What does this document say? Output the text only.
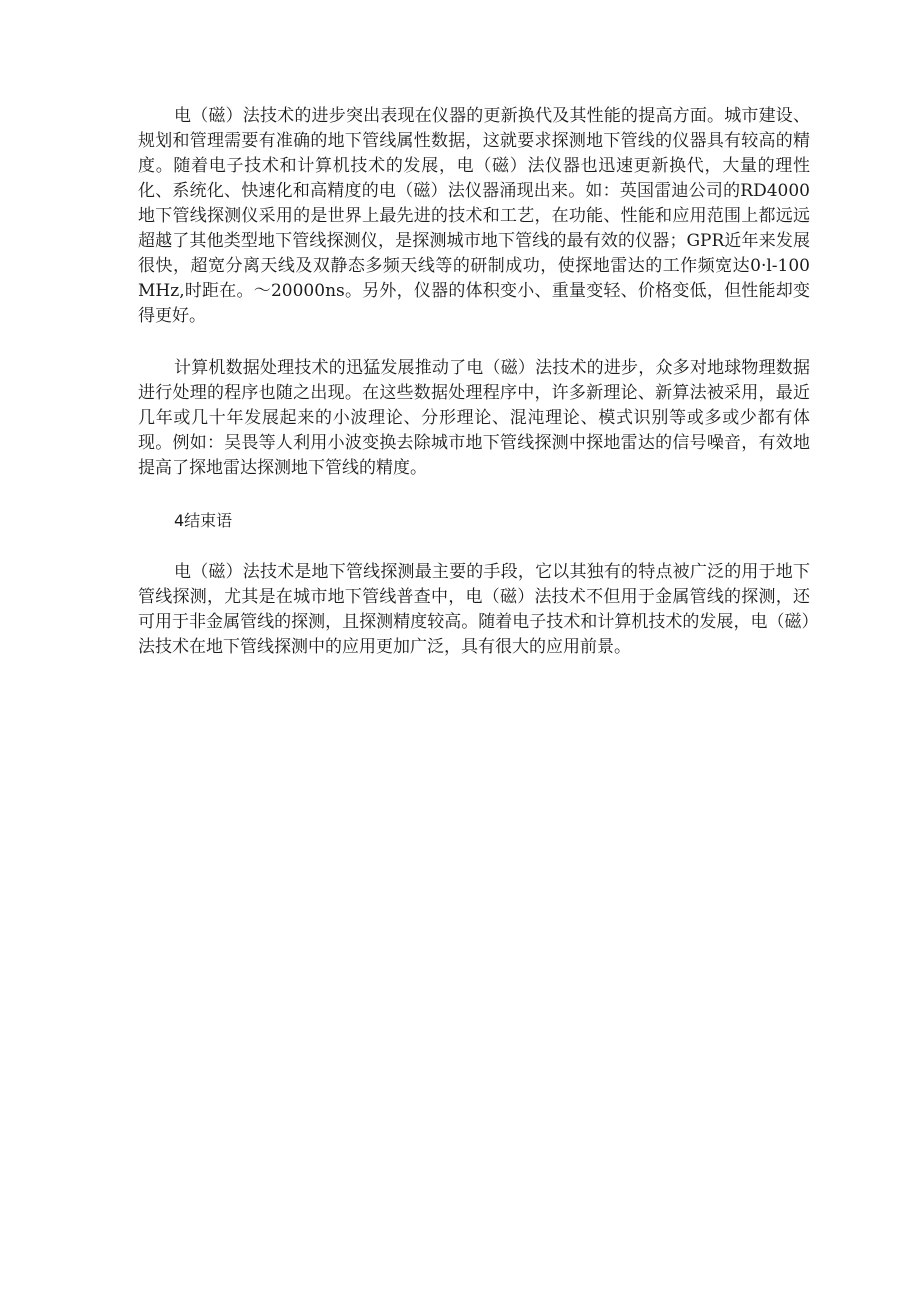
电（磁）法技术的进步突出表现在仪器的更新换代及其性能的提高方面。城市建设、规划和管理需要有准确的地下管线属性数据，这就要求探测地下管线的仪器具有较高的精度。随着电子技术和计算机技术的发展，电（磁）法仪器也迅速更新换代，大量的理性化、系统化、快速化和高精度的电（磁）法仪器涌现出来。如：英国雷迪公司的RD4000地下管线探测仪采用的是世界上最先进的技术和工艺，在功能、性能和应用范围上都远远超越了其他类型地下管线探测仪，是探测城市地下管线的最有效的仪器；GPR近年来发展很快，超宽分离天线及双静态多频天线等的研制成功，使探地雷达的工作频宽达0·l-100MHz,时距在。～20000ns。另外，仪器的体积变小、重量变轻、价格变低，但性能却变得更好。

计算机数据处理技术的迅猛发展推动了电（磁）法技术的进步，众多对地球物理数据进行处理的程序也随之出现。在这些数据处理程序中，许多新理论、新算法被采用，最近几年或几十年发展起来的小波理论、分形理论、混沌理论、模式识别等或多或少都有体现。例如：吴畏等人利用小波变换去除城市地下管线探测中探地雷达的信号噪音，有效地提高了探地雷达探测地下管线的精度。

4结束语

电（磁）法技术是地下管线探测最主要的手段，它以其独有的特点被广泛的用于地下管线探测，尤其是在城市地下管线普查中，电（磁）法技术不但用于金属管线的探测，还可用于非金属管线的探测，且探测精度较高。随着电子技术和计算机技术的发展，电（磁）法技术在地下管线探测中的应用更加广泛，具有很大的应用前景。
